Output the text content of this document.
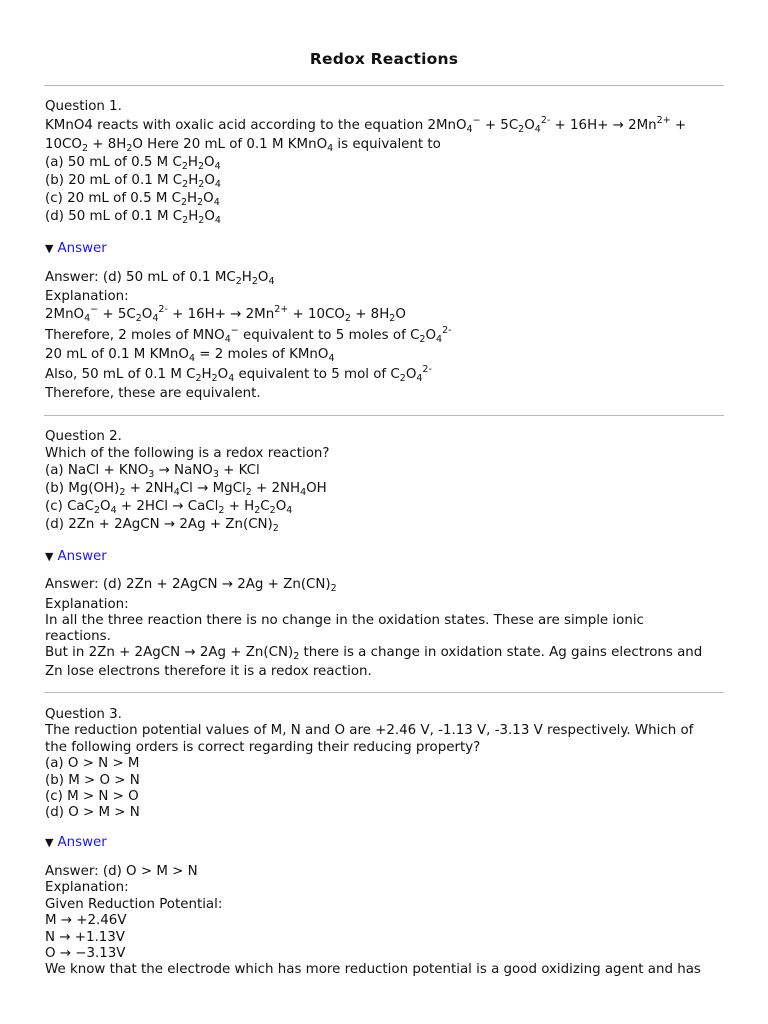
Redox Reactions
Question 1.
KMnO4 reacts with oxalic acid according to the equation $2MnO_4^- + 5C_2O_4^{2-} + 16H+ \to 2Mn^{2+}$ +
$10CO_2 + 8H_2O$ Here 20 mL of 0.1 M KMnO$_4$ is equivalent to
(a) 50 mL of 0.5 M $C_2H_2O_4$
(b) 20 mL of 0.1 M $C_2H_2O_4$
(c) 20 mL of 0.5 M $C_2H_2O_4$
(d) 50 mL of 0.1 M $C_2H_2O_4$
▼ Answer
Answer: (d) 50 mL of 0.1 $MC_2H_2O_4$
Explanation:
$2MnO_4^- + 5C_2O_4^{2-} + 16H+ \to 2Mn^{2+} + 10CO_2 + 8H_2O$
Therefore, 2 moles of $MNO_4^-$ equivalent to 5 moles of $C_2O_4^{2-}$
20 mL of 0.1 M KMnO$_4$ = 2 moles of KMnO$_4$
Also, 50 mL of 0.1 M $C_2H_2O_4$ equivalent to 5 mol of $C_2O_4^{2-}$
Therefore, these are equivalent.
Question 2.
Which of the following is a redox reaction?
(a) NaCl + $KNO_3$ → NaNO$_3$ + KCl
(b) $Mg(OH)_2 + 2NH_4Cl$ → MgCl$_2$ + $2NH_4OH$
(c) $CaC_2O_4 + 2HCl$ → CaCl$_2$ + $H_2C_2O_4$
(d) 2Zn + 2AgCN → $2Ag + Zn(CN)_2$
▼ Answer
Answer: (d) 2Zn + 2AgCN → $2Ag + Zn(CN)_2$
Explanation:
In all the three reaction there is no change in the oxidation states. These are simple ionic
reactions.
But in 2Zn + 2AgCN → $2Ag + Zn(CN)_2$ there is a change in oxidation state. Ag gains electrons and
Zn lose electrons therefore it is a redox reaction.
Question 3.
The reduction potential values of M, N and O are +2.46 V, -1.13 V, -3.13 V respectively. Which of
the following orders is correct regarding their reducing property?
(a) O > N > M
(b) M > O > N
(c) M > N > O
(d) O > M > N
▼ Answer
Answer: (d) O > M > N
Explanation:
Given Reduction Potential:
M → +2.46V
N → +1.13V
O → −3.13V
We know that the electrode which has more reduction potential is a good oxidizing agent and has
